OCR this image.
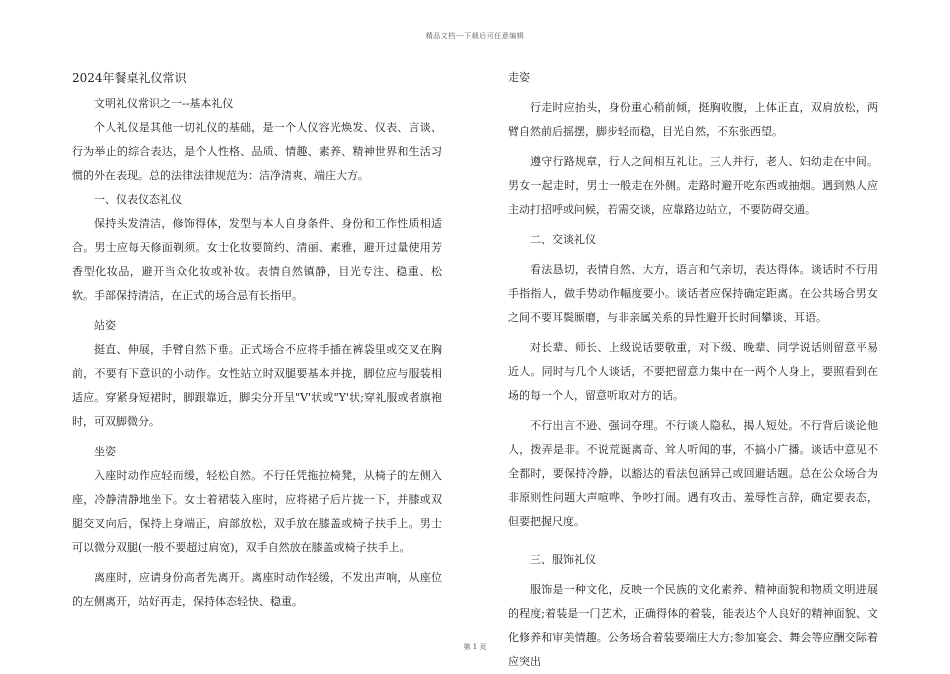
精品文档---下载后可任意编辑

2024年餐桌礼仪常识

文明礼仪常识之一--基本礼仪

个人礼仪是其他一切礼仪的基础，是一个人仪容光焕发、仪表、言谈、行为举止的综合表达，是个人性格、品质、情趣、素养、精神世界和生活习惯的外在表现。总的法律法律规范为：洁净清爽、端庄大方。

一、仪表仪态礼仪

保持头发清洁，修饰得体，发型与本人自身条件、身份和工作性质相适合。男士应每天修面剃须。女士化妆要简约、清丽、素雅，避开过量使用芳香型化妆品，避开当众化妆或补妆。表情自然镇静，目光专注、稳重、松软。手部保持清洁，在正式的场合忌有长指甲。

站姿

挺直、伸展，手臂自然下垂。正式场合不应将手插在裤袋里或交叉在胸前，不要有下意识的小动作。女性站立时双腿要基本并拢，脚位应与服装相适应。穿紧身短裙时，脚跟靠近，脚尖分开呈"V'状或"Y'状;穿礼服或者旗袍时，可双脚微分。

坐姿

入座时动作应轻而缓，轻松自然。不行任凭拖拉椅凳，从椅子的左侧入座，冷静清静地坐下。女士着裙装入座时，应将裙子后片拢一下，并膝或双腿交叉向后，保持上身端正，肩部放松，双手放在膝盖或椅子扶手上。男士可以微分双腿(一般不要超过肩宽)，双手自然放在膝盖或椅子扶手上。

离座时，应请身份高者先离开。离座时动作轻缓，不发出声响，从座位的左侧离开，站好再走，保持体态轻快、稳重。

走姿

行走时应抬头，身份重心稍前倾，挺胸收腹，上体正直，双肩放松，两臂自然前后摇摆，脚步轻而稳，目光自然，不东张西望。

遵守行路规章，行人之间相互礼让。三人并行，老人、妇幼走在中间。男女一起走时，男士一般走在外侧。走路时避开吃东西或抽烟。遇到熟人应主动打招呼或问候，若需交谈，应靠路边站立，不要防碍交通。

二、交谈礼仪

看法恳切，表情自然、大方，语言和气亲切，表达得体。谈话时不行用手指指人，做手势动作幅度要小。谈话者应保持确定距离。在公共场合男女之间不要耳鬓厮磨，与非亲属关系的异性避开长时间攀谈、耳语。

对长辈、师长、上级说话要敬重，对下级、晚辈、同学说话则留意平易近人。同时与几个人谈话，不要把留意力集中在一两个人身上，要照看到在场的每一个人，留意听取对方的话。

不行出言不逊、强词夺理。不行谈人隐私，揭人短处。不行背后谈论他人，拨弄是非。不说荒诞离奇、耸人听闻的事，不搞小广播。谈话中意见不全都时，要保持冷静，以豁达的看法包涵异己或回避话题。总在公众场合为非原则性问题大声喧哗、争吵打闹。遇有攻击、羞辱性言辞，确定要表态，但要把握尺度。

三、服饰礼仪

服饰是一种文化，反映一个民族的文化素养、精神面貌和物质文明进展的程度;着装是一门艺术，正确得体的着装，能表达个人良好的精神面貌、文化修养和审美情趣。公务场合着装要端庄大方;参加宴会、舞会等应酬交际着应突出

第 1 页
